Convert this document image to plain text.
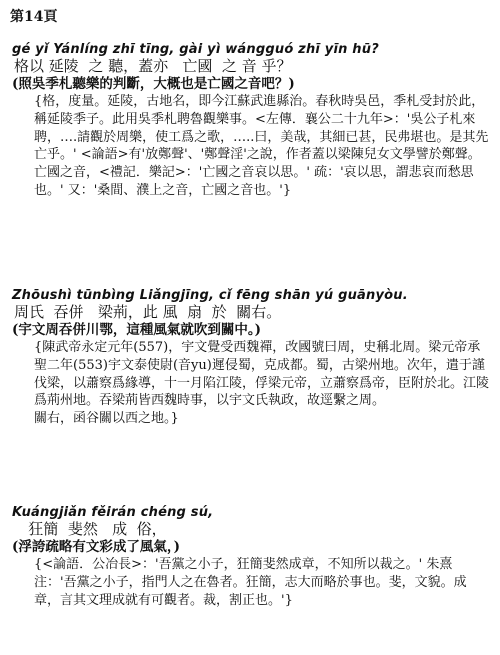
第14頁
gé yǐ Yánlíng zhī tīng, gài yì wángguó zhī yīn hū?
格以 延陵  之 聽，蓋亦   亡國  之 音 乎？
(照吳季札聽樂的判斷，大概也是亡國之音吧？)

{格，度量。延陵，古地名，即今江蘇武進縣治。春秋時吳邑，季札受封於此，稱延陵季子。此用吳季札聘魯觀樂事。<左傳．襄公二十九年>：'吳公子札來聘，….請觀於周樂，使工爲之歌，…..曰，美哉，其細已甚，民弗堪也。是其先亡乎。' <論語>有'放鄭聲'、'鄭聲淫'之說，作者蓋以梁陳兒女文學譬於鄭聲。

亡國之音，<禮記．樂記>：'亡國之音哀以思。' 疏：'哀以思，謂悲哀而愁思也。' 又：'桑間、濮上之音，亡國之音也。'}

Zhōushì tūnbìng Liǎngjīng, cǐ fēng shān yú guānyòu.
周氏  吞併   梁荊，此 風  扇  於  關右。
(宇文周吞併川鄂，這種風氣就吹到關中。)

{陳武帝永定元年(557)，宇文覺受西魏禪，改國號曰周，史稱北周。梁元帝承聖二年(553)宇文泰使尉(音yu)遲侵蜀，克成都。蜀，古梁州地。次年，遣于謹伐梁，以蕭察爲緣導，十一月陷江陵，俘梁元帝，立蕭察爲帝，臣附於北。江陵爲荊州地。吞梁荊皆西魏時事，以宇文氏執政，故逕繫之周。

關右，函谷關以西之地。}

Kuángjiǎn fěirán chéng sú,
狂簡  斐然   成  俗，
(浮誇疏略有文彩成了風氣，)

{<論語．公冶長>：'吾黨之小子，狂簡斐然成章，不知所以裁之。' 朱熹注：'吾黨之小子，指門人之在魯者。狂簡，志大而略於事也。斐，文貌。成章，言其文理成就有可觀者。裁，割正也。'}
